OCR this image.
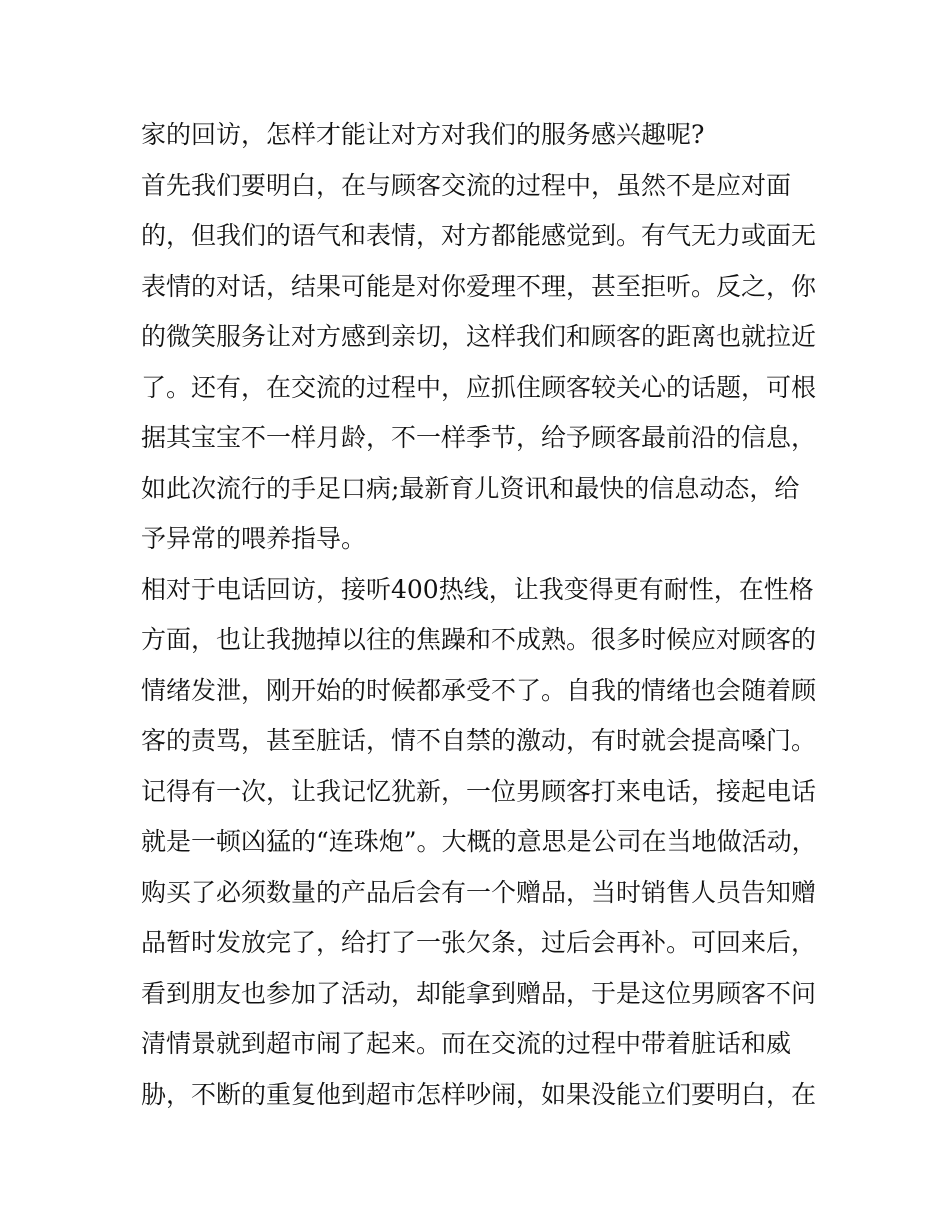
家的回访，怎样才能让对方对我们的服务感兴趣呢?
首先我们要明白，在与顾客交流的过程中，虽然不是应对面
的，但我们的语气和表情，对方都能感觉到。有气无力或面无
表情的对话，结果可能是对你爱理不理，甚至拒听。反之，你
的微笑服务让对方感到亲切，这样我们和顾客的距离也就拉近
了。还有，在交流的过程中，应抓住顾客较关心的话题，可根
据其宝宝不一样月龄，不一样季节，给予顾客最前沿的信息，
如此次流行的手足口病;最新育儿资讯和最快的信息动态，给
予异常的喂养指导。
相对于电话回访，接听400热线，让我变得更有耐性，在性格
方面，也让我抛掉以往的焦躁和不成熟。很多时候应对顾客的
情绪发泄，刚开始的时候都承受不了。自我的情绪也会随着顾
客的责骂，甚至脏话，情不自禁的激动，有时就会提高嗓门。
记得有一次，让我记忆犹新，一位男顾客打来电话，接起电话
就是一顿凶猛的“连珠炮”。大概的意思是公司在当地做活动，
购买了必须数量的产品后会有一个赠品，当时销售人员告知赠
品暂时发放完了，给打了一张欠条，过后会再补。可回来后，
看到朋友也参加了活动，却能拿到赠品，于是这位男顾客不问
清情景就到超市闹了起来。而在交流的过程中带着脏话和威
胁，不断的重复他到超市怎样吵闹，如果没能立们要明白，在
